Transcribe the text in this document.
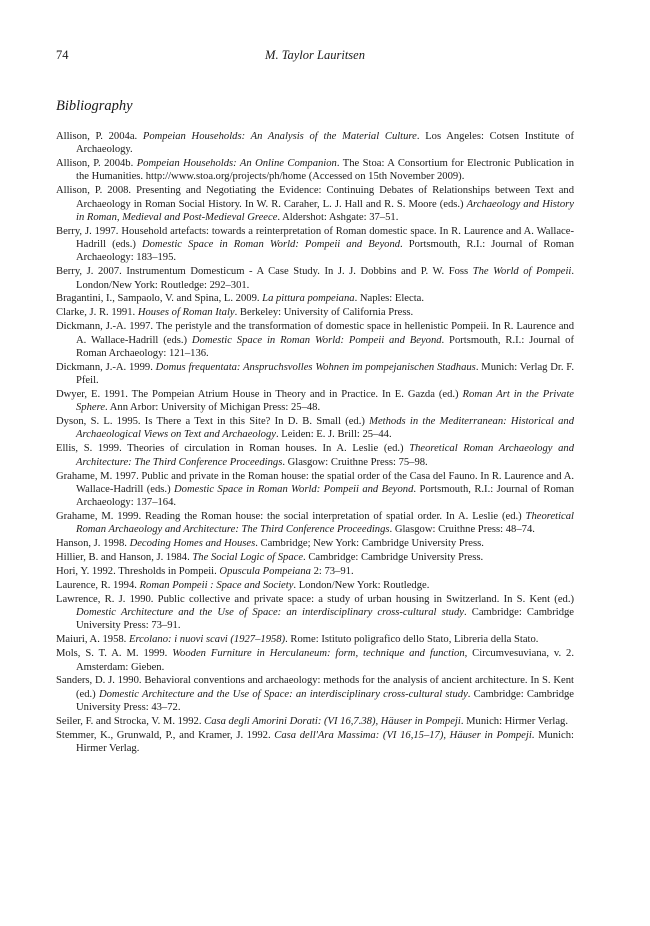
74	M. Taylor Lauritsen
Bibliography
Allison, P. 2004a. Pompeian Households: An Analysis of the Material Culture. Los Angeles: Cotsen Institute of Archaeology.
Allison, P. 2004b. Pompeian Households: An Online Companion. The Stoa: A Consortium for Electronic Publication in the Humanities. http://www.stoa.org/projects/ph/home (Accessed on 15th November 2009).
Allison, P. 2008. Presenting and Negotiating the Evidence: Continuing Debates of Relationships between Text and Archaeology in Roman Social History. In W. R. Caraher, L. J. Hall and R. S. Moore (eds.) Archaeology and History in Roman, Medieval and Post-Medieval Greece. Aldershot: Ashgate: 37–51.
Berry, J. 1997. Household artefacts: towards a reinterpretation of Roman domestic space. In R. Laurence and A. Wallace-Hadrill (eds.) Domestic Space in Roman World: Pompeii and Beyond. Portsmouth, R.I.: Journal of Roman Archaeology: 183–195.
Berry, J. 2007. Instrumentum Domesticum - A Case Study. In J. J. Dobbins and P. W. Foss The World of Pompeii. London/New York: Routledge: 292–301.
Bragantini, I., Sampaolo, V. and Spina, L. 2009. La pittura pompeiana. Naples: Electa.
Clarke, J. R. 1991. Houses of Roman Italy. Berkeley: University of California Press.
Dickmann, J.-A. 1997. The peristyle and the transformation of domestic space in hellenistic Pompeii. In R. Laurence and A. Wallace-Hadrill (eds.) Domestic Space in Roman World: Pompeii and Beyond. Portsmouth, R.I.: Journal of Roman Archaeology: 121–136.
Dickmann, J.-A. 1999. Domus frequentata: Anspruchsvolles Wohnen im pompejanischen Stadhaus. Munich: Verlag Dr. F. Pfeil.
Dwyer, E. 1991. The Pompeian Atrium House in Theory and in Practice. In E. Gazda (ed.) Roman Art in the Private Sphere. Ann Arbor: University of Michigan Press: 25–48.
Dyson, S. L. 1995. Is There a Text in this Site? In D. B. Small (ed.) Methods in the Mediterranean: Historical and Archaeological Views on Text and Archaeology. Leiden: E. J. Brill: 25–44.
Ellis, S. 1999. Theories of circulation in Roman houses. In A. Leslie (ed.) Theoretical Roman Archaeology and Architecture: The Third Conference Proceedings. Glasgow: Cruithne Press: 75–98.
Grahame, M. 1997. Public and private in the Roman house: the spatial order of the Casa del Fauno. In R. Laurence and A. Wallace-Hadrill (eds.) Domestic Space in Roman World: Pompeii and Beyond. Portsmouth, R.I.: Journal of Roman Archaeology: 137–164.
Grahame, M. 1999. Reading the Roman house: the social interpretation of spatial order. In A. Leslie (ed.) Theoretical Roman Archaeology and Architecture: The Third Conference Proceedings. Glasgow: Cruithne Press: 48–74.
Hanson, J. 1998. Decoding Homes and Houses. Cambridge; New York: Cambridge University Press.
Hillier, B. and Hanson, J. 1984. The Social Logic of Space. Cambridge: Cambridge University Press.
Hori, Y. 1992. Thresholds in Pompeii. Opuscula Pompeiana 2: 73–91.
Laurence, R. 1994. Roman Pompeii : Space and Society. London/New York: Routledge.
Lawrence, R. J. 1990. Public collective and private space: a study of urban housing in Switzerland. In S. Kent (ed.) Domestic Architecture and the Use of Space: an interdisciplinary cross-cultural study. Cambridge: Cambridge University Press: 73–91.
Maiuri, A. 1958. Ercolano: i nuovi scavi (1927–1958). Rome: Istituto poligrafico dello Stato, Libreria della Stato.
Mols, S. T. A. M. 1999. Wooden Furniture in Herculaneum: form, technique and function, Circumvesuviana, v. 2. Amsterdam: Gieben.
Sanders, D. J. 1990. Behavioral conventions and archaeology: methods for the analysis of ancient architecture. In S. Kent (ed.) Domestic Architecture and the Use of Space: an interdisciplinary cross-cultural study. Cambridge: Cambridge University Press: 43–72.
Seiler, F. and Strocka, V. M. 1992. Casa degli Amorini Dorati: (VI 16,7.38), Häuser in Pompeji. Munich: Hirmer Verlag.
Stemmer, K., Grunwald, P., and Kramer, J. 1992. Casa dell'Ara Massima: (VI 16,15–17), Häuser in Pompeji. Munich: Hirmer Verlag.
